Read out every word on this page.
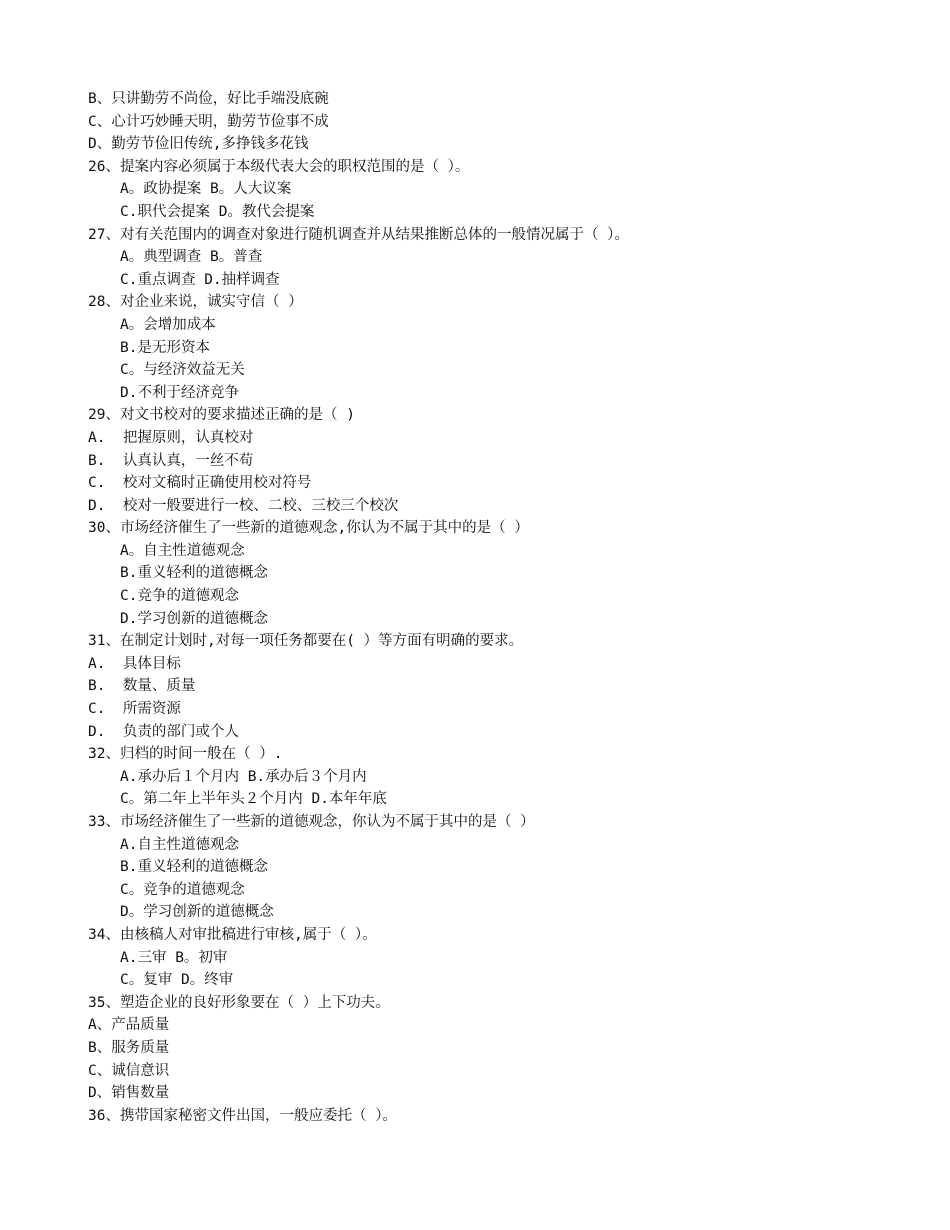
B、只讲勤劳不尚俭，好比手端没底碗
C、心计巧妙睡天明，勤劳节俭事不成
D、勤劳节俭旧传统,多挣钱多花钱
26、提案内容必须属于本级代表大会的职权范围的是（ ）。
A。政协提案 B。人大议案
C.职代会提案 D。教代会提案
27、对有关范围内的调查对象进行随机调查并从结果推断总体的一般情况属于（ ）。
A。典型调查 B。普查
C.重点调查 D.抽样调查
28、对企业来说，诚实守信（ ）
A。会增加成本
B.是无形资本
C。与经济效益无关
D.不利于经济竞争
29、对文书校对的要求描述正确的是（ )
A.  把握原则，认真校对
B.  认真认真，一丝不苟
C.  校对文稿时正确使用校对符号
D.  校对一般要进行一校、二校、三校三个校次
30、市场经济催生了一些新的道德观念,你认为不属于其中的是（ ）
A。自主性道德观念
B.重义轻利的道德概念
C.竞争的道德观念
D.学习创新的道德概念
31、在制定计划时,对每一项任务都要在( ）等方面有明确的要求。
A.  具体目标
B.  数量、质量
C.  所需资源
D.  负责的部门或个人
32、归档的时间一般在（ ）.
A.承办后１个月内 B.承办后３个月内
C。第二年上半年头２个月内 D.本年年底
33、市场经济催生了一些新的道德观念，你认为不属于其中的是（ ）
A.自主性道德观念
B.重义轻利的道德概念
C。竞争的道德观念
D。学习创新的道德概念
34、由核稿人对审批稿进行审核,属于（ ）。
A.三审 B。初审
C。复审 D。终审
35、塑造企业的良好形象要在（ ）上下功夫。
A、产品质量
B、服务质量
C、诚信意识
D、销售数量
36、携带国家秘密文件出国，一般应委托（ ）。
